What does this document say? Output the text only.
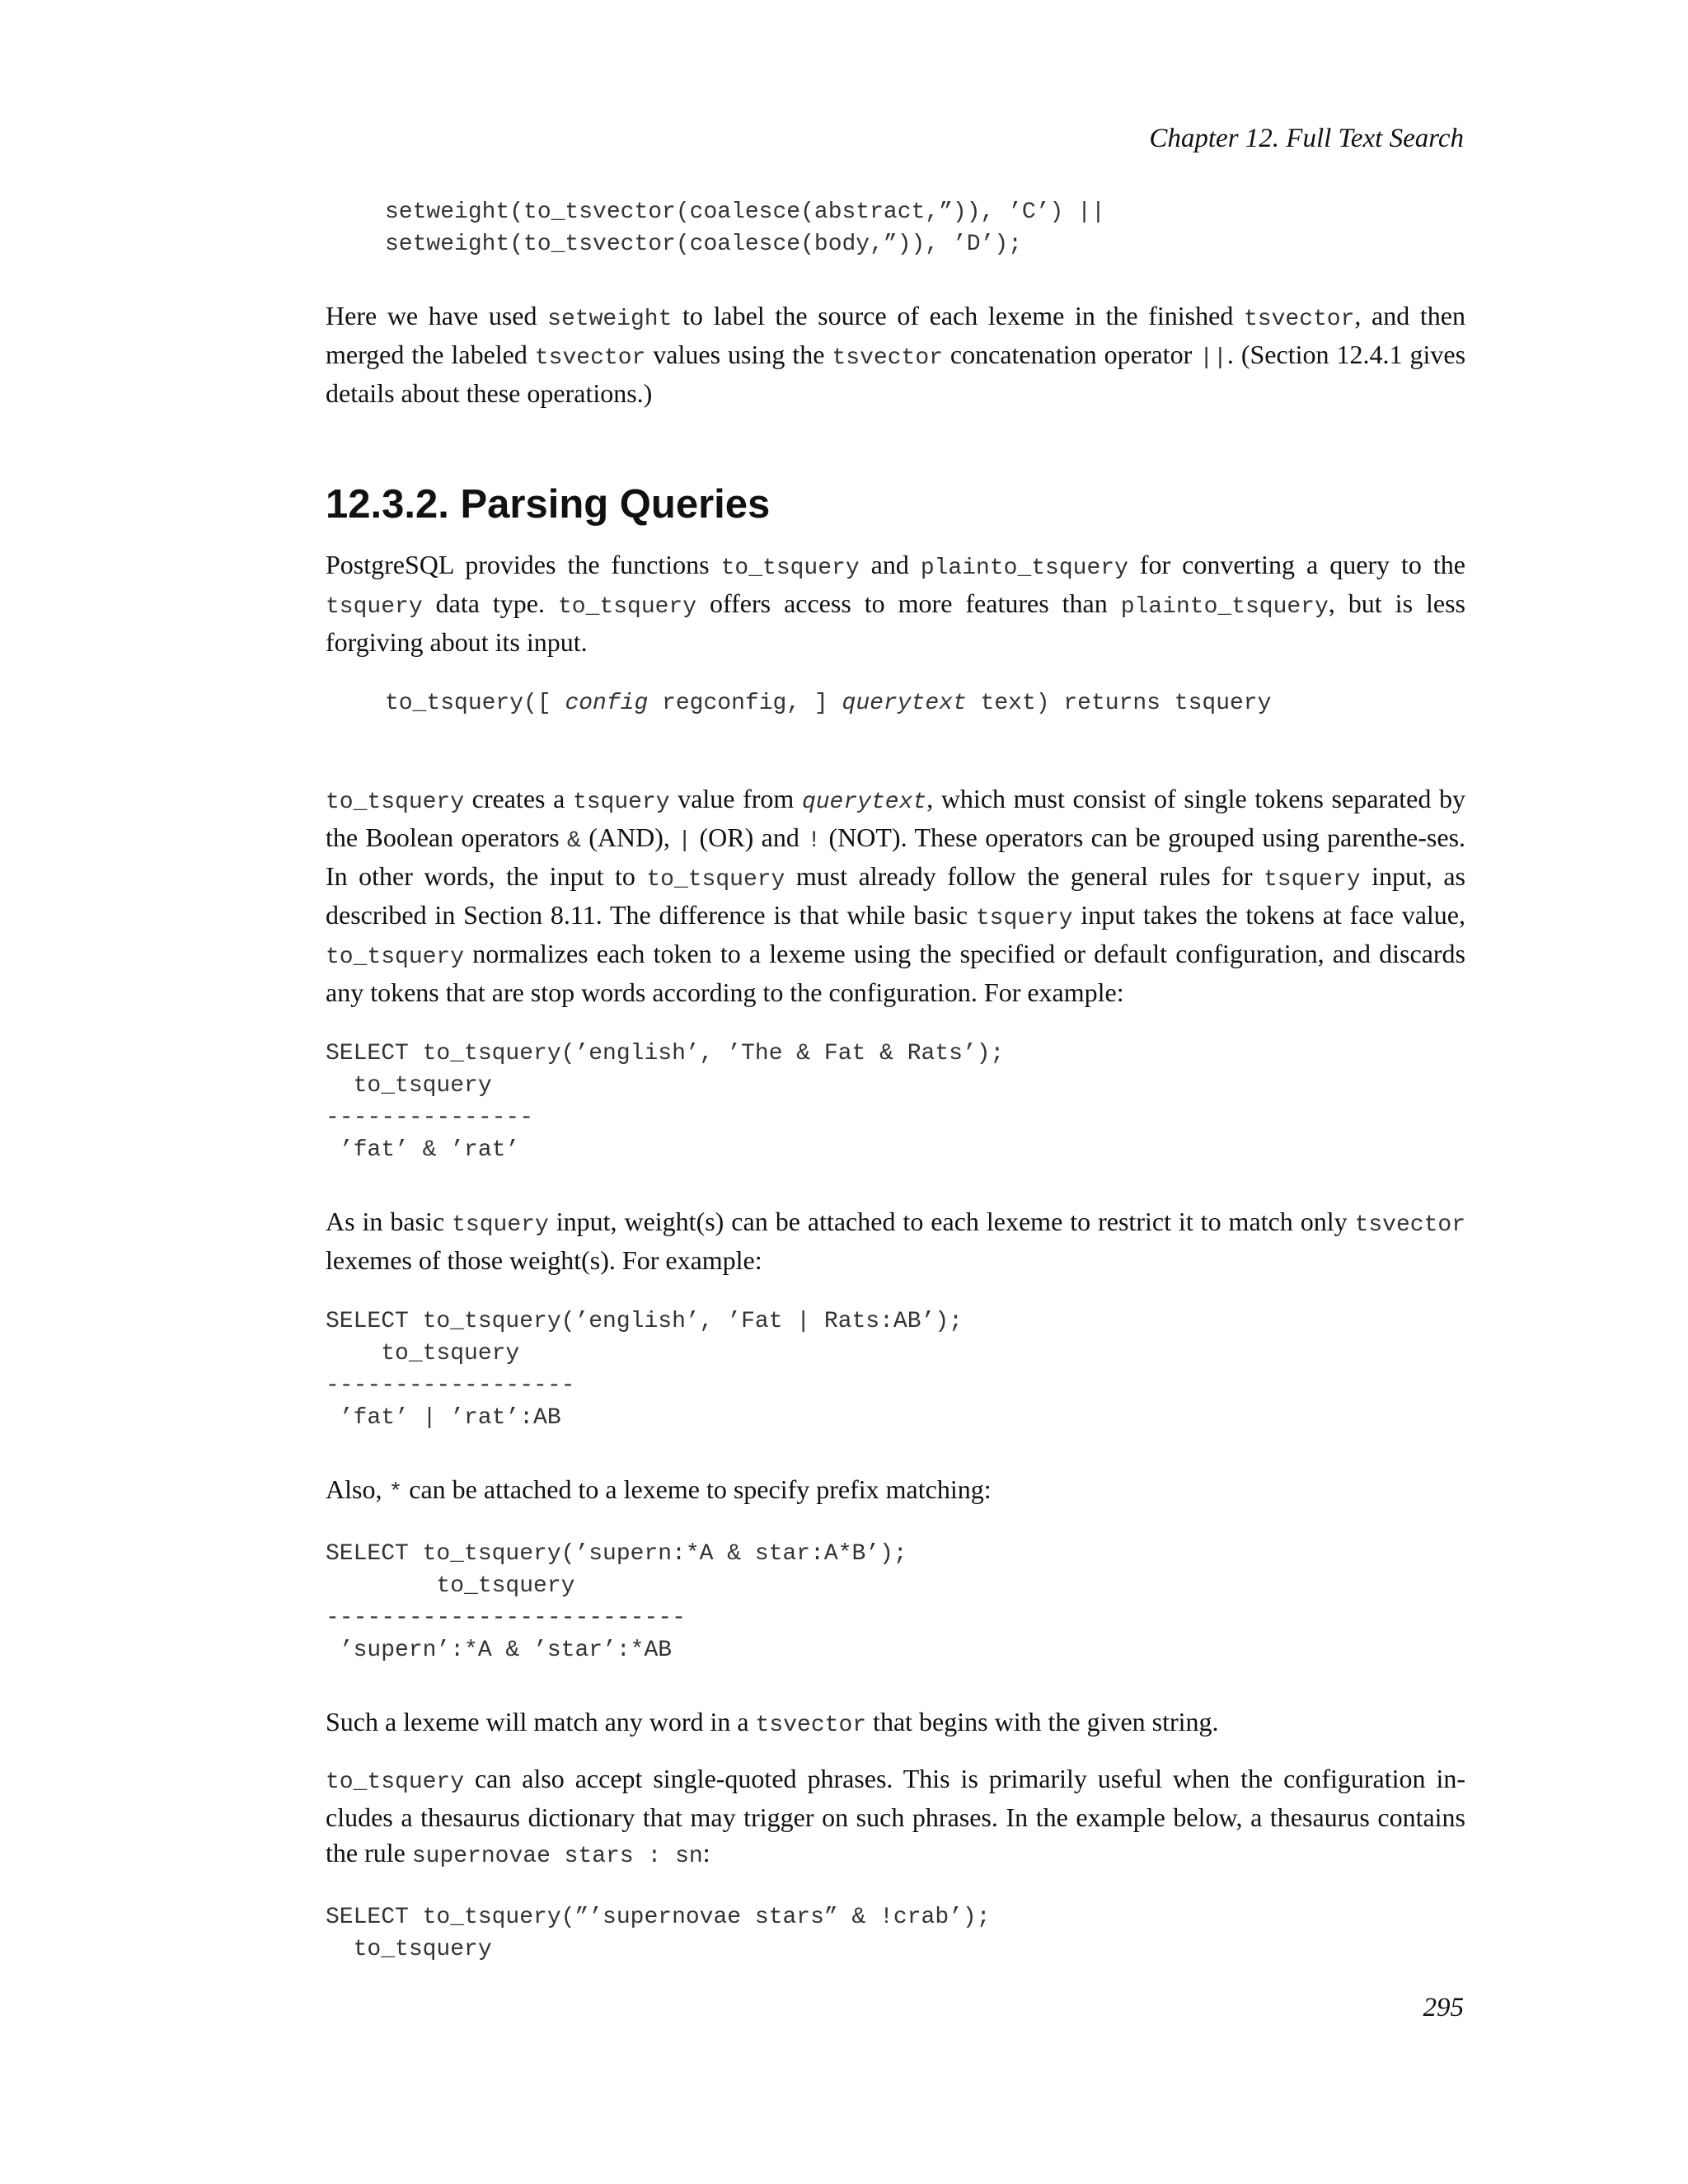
Chapter 12. Full Text Search
setweight(to_tsvector(coalesce(abstract,”)), ’C’) ||
setweight(to_tsvector(coalesce(body,”)), ’D’);

Here we have used setweight to label the source of each lexeme in the finished tsvector, and then merged the labeled tsvector values using the tsvector concatenation operator ||. (Section 12.4.1 gives details about these operations.)

12.3.2. Parsing Queries

PostgreSQL provides the functions to_tsquery and plainto_tsquery for converting a query to the tsquery data type. to_tsquery offers access to more features than plainto_tsquery, but is less forgiving about its input.

to_tsquery([ config regconfig, ] querytext text) returns tsquery

to_tsquery creates a tsquery value from querytext, which must consist of single tokens separated by the Boolean operators & (AND), | (OR) and ! (NOT). These operators can be grouped using parenthe-ses. In other words, the input to to_tsquery must already follow the general rules for tsquery input, as described in Section 8.11. The difference is that while basic tsquery input takes the tokens at face value, to_tsquery normalizes each token to a lexeme using the specified or default configuration, and discards any tokens that are stop words according to the configuration. For example:

SELECT to_tsquery(’english’, ’The & Fat & Rats’);
to_tsquery
---------------
’fat’ & ’rat’

As in basic tsquery input, weight(s) can be attached to each lexeme to restrict it to match only tsvector lexemes of those weight(s). For example:

SELECT to_tsquery(’english’, ’Fat | Rats:AB’);
to_tsquery
------------------
’fat’ | ’rat’:AB

Also, * can be attached to a lexeme to specify prefix matching:

SELECT to_tsquery(’supern:*A & star:A*B’);
to_tsquery
--------------------------
’supern’:*A & ’star’:*AB

Such a lexeme will match any word in a tsvector that begins with the given string.

to_tsquery can also accept single-quoted phrases. This is primarily useful when the configuration in-cludes a thesaurus dictionary that may trigger on such phrases. In the example below, a thesaurus contains the rule supernovae stars : sn:

SELECT to_tsquery(”’supernovae stars” & !crab’);
to_tsquery
295
